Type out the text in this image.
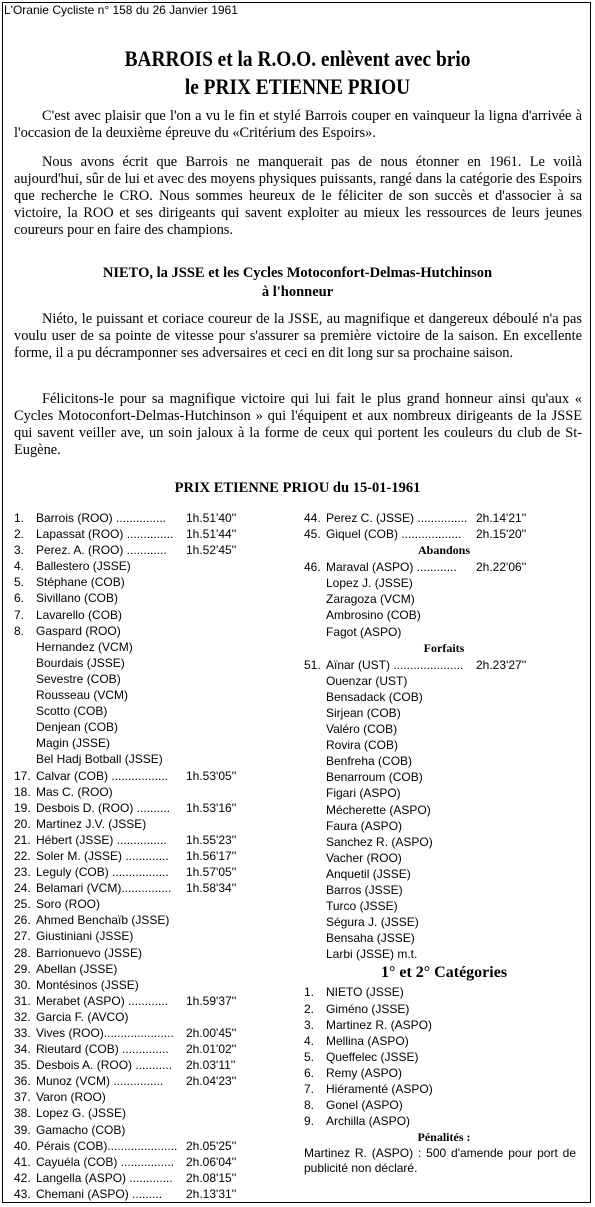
L'Oranie Cycliste n° 158 du 26 Janvier 1961
BARROIS et la R.O.O. enlèvent avec brio
le PRIX ETIENNE PRIOU

C'est avec plaisir que l'on a vu le fin et stylé Barrois couper en vainqueur la ligna d'arrivée à l'occasion de la deuxième épreuve du «Critérium des Espoirs».

Nous avons écrit que Barrois ne manquerait pas de nous étonner en 1961. Le voilà aujourd'hui, sûr de lui et avec des moyens physiques puissants, rangé dans la catégorie des Espoirs que recherche le CRO. Nous sommes heureux de le féliciter de son succès et d'associer à sa victoire, la ROO et ses dirigeants qui savent exploiter au mieux les ressources de leurs jeunes coureurs pour en faire des champions.

NIETO, la JSSE et les Cycles Motoconfort-Delmas-Hutchinson
à l'honneur

Niéto, le puissant et coriace coureur de la JSSE, au magnifique et dangereux déboulé n'a pas voulu user de sa pointe de vitesse pour s'assurer sa première victoire de la saison. En excellente forme, il a pu décramponner ses adversaires et ceci en dit long sur sa prochaine saison.

Félicitons-le pour sa magnifique victoire qui lui fait le plus grand honneur ainsi qu'aux « Cycles Motoconfort-Delmas-Hutchinson » qui l'équipent et aux nombreux dirigeants de la JSSE qui savent veiller ave, un soin jaloux à la forme de ceux qui portent les couleurs du club de St-Eugène.

PRIX ETIENNE PRIOU du 15-01-1961
1. Barrois (ROO) ............... 1h.51'40''
2. Lapassat (ROO) .............. 1h.51'44''
3. Perez. A. (ROO) ............ 1h.52'45''
4. Ballestero (JSSE)
5. Stéphane (COB)
6. Sivillano (COB)
7. Lavarello (COB)
8. Gaspard (ROO)
Hernandez (VCM)
Bourdais (JSSE)
Sevestre (COB)
Rousseau (VCM)
Scotto (COB)
Denjean (COB)
Magin (JSSE)
Bel Hadj Botball (JSSE)
17. Calvar (COB) ................. 1h.53'05''
18. Mas C. (ROO)
19. Desbois D. (ROO) .......... 1h.53'16''
20. Martinez J.V. (JSSE)
21. Hébert (JSSE) ............... 1h.55'23''
22. Soler M. (JSSE) ............. 1h.56'17''
23. Leguly (COB) ................. 1h.57'05''
24. Belamari (VCM)............... 1h.58'34''
25. Soro (ROO)
26. Ahmed Benchaïb (JSSE)
27. Giustiniani (JSSE)
28. Barrionuevo (JSSE)
29. Abellan (JSSE)
30. Montésinos (JSSE)
31. Merabet (ASPO) ............ 1h.59'37''
32. Garcia F. (AVCO)
33. Vives (ROO)..................... 2h.00'45''
34. Rieutard (COB) .............. 2h.01'02''
35. Desbois A. (ROO) ........... 2h.03'11''
36. Munoz (VCM) ............... 2h.04'23''
37. Varon (ROO)
38. Lopez G. (JSSE)
39. Gamacho (COB)
40. Pérais (COB)..................... 2h.05'25''
41. Cayuéla (COB) ................ 2h.06'04''
42. Langella (ASPO) ............. 2h.08'15''
43. Chemani (ASPO) ......... 2h.13'31''
44. Perez C. (JSSE) ............... 2h.14'21''
45. Giquel (COB) .................. 2h.15'20''
Abandons
46. Maraval (ASPO) ............ 2h.22'06''
Lopez J. (JSSE)
Zaragoza (VCM)
Ambrosino (COB)
Fagot (ASPO)
Forfaits
51. Aïnar (UST) ..................... 2h.23'27''
Ouenzar (UST)
Bensadack (COB)
Sirjean (COB)
Valéro (COB)
Rovira (COB)
Benfreha (COB)
Benarroum (COB)
Figari (ASPO)
Mécherette (ASPO)
Faura (ASPO)
Sanchez R. (ASPO)
Vacher (ROO)
Anquetil (JSSE)
Barros (JSSE)
Turco (JSSE)
Ségura J. (JSSE)
Bensaha (JSSE)
Larbi (JSSE) m.t.
1° et 2° Catégories
1. NIETO (JSSE)
2. Giméno (JSSE)
3. Martinez R. (ASPO)
4. Mellina (ASPO)
5. Queffelec (JSSE)
6. Remy (ASPO)
7. Hiéramenté (ASPO)
8. Gonel (ASPO)
9. Archilla (ASPO)
Pénalités :
Martinez R. (ASPO) : 500 d'amende pour port de publicité non déclaré.
